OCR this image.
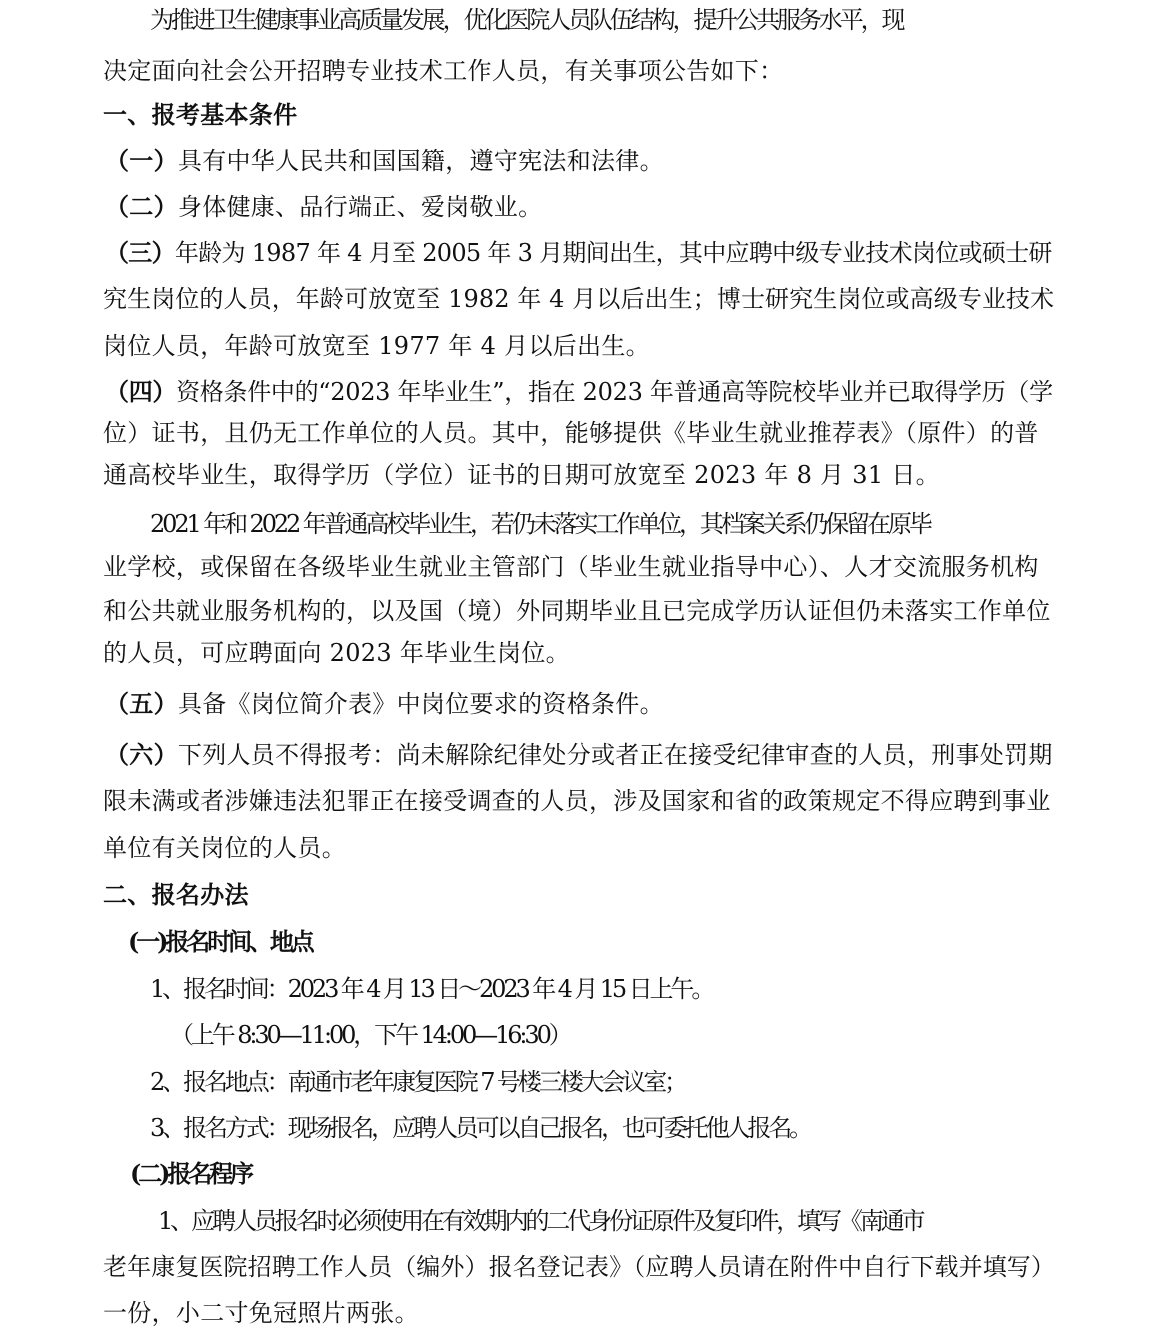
为推进卫生健康事业高质量发展，优化医院人员队伍结构，提升公共服务水平，现
决定面向社会公开招聘专业技术工作人员，有关事项公告如下：
一、报考基本条件
（一）具有中华人民共和国国籍，遵守宪法和法律。
（二）身体健康、品行端正、爱岗敬业。
（三）年龄为 1987 年 4 月至 2005 年 3 月期间出生，其中应聘中级专业技术岗位或硕士研
究生岗位的人员，年龄可放宽至 1982 年 4 月以后出生；博士研究生岗位或高级专业技术
岗位人员，年龄可放宽至 1977 年 4 月以后出生。
（四）资格条件中的“2023 年毕业生”，指在 2023 年普通高等院校毕业并已取得学历（学
位）证书，且仍无工作单位的人员。其中，能够提供《毕业生就业推荐表》（原件）的普
通高校毕业生，取得学历（学位）证书的日期可放宽至 2023 年 8 月 31 日。
2021 年和 2022 年普通高校毕业生，若仍未落实工作单位，其档案关系仍保留在原毕
业学校，或保留在各级毕业生就业主管部门（毕业生就业指导中心）、人才交流服务机构
和公共就业服务机构的，以及国（境）外同期毕业且已完成学历认证但仍未落实工作单位
的人员，可应聘面向 2023 年毕业生岗位。
（五）具备《岗位简介表》中岗位要求的资格条件。
（六）下列人员不得报考：尚未解除纪律处分或者正在接受纪律审查的人员，刑事处罚期
限未满或者涉嫌违法犯罪正在接受调查的人员，涉及国家和省的政策规定不得应聘到事业
单位有关岗位的人员。
二、报名办法
(一)报名时间、地点
1、报名时间：2023 年 4 月 13 日～2023 年 4 月 15 日上午。
（上午 8:30—11:00，下午 14:00—16:30）
2、报名地点：南通市老年康复医院 7 号楼三楼大会议室；
3、报名方式：现场报名，应聘人员可以自己报名，也可委托他人报名。
(二)报名程序
1、应聘人员报名时必须使用在有效期内的二代身份证原件及复印件，填写《南通市
老年康复医院招聘工作人员（编外）报名登记表》（应聘人员请在附件中自行下载并填写）
一份，小二寸免冠照片两张。
